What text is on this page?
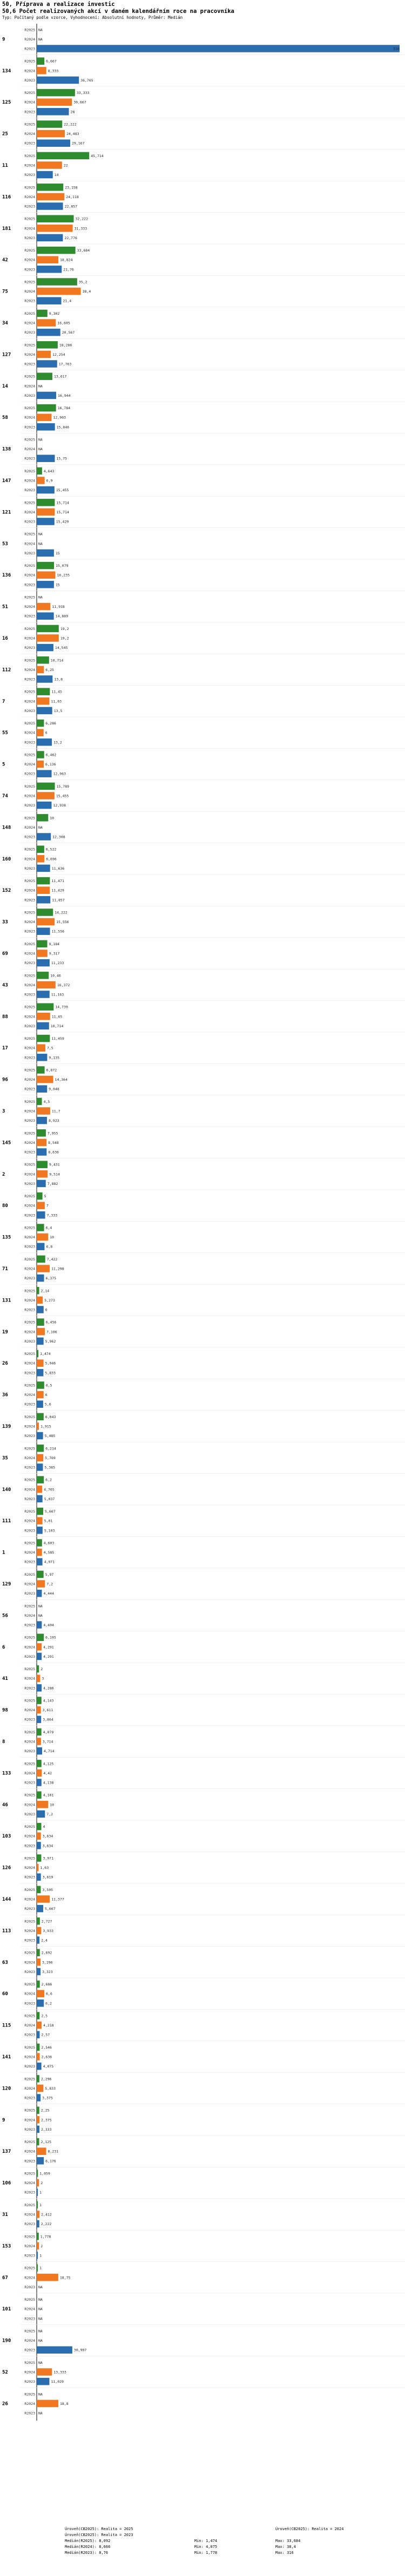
50, Příprava a realizace investic
50,6 Počet realizovaných akcí v daném kalendářním roce na pracovníka
Typ: Počítaný podle vzorce, Vyhodnocení: Absolutní hodnoty, Průměr: Medián
9
R2025 NA
R2024 NA
R2023	316
134
R2025	6,667
R2024	8,333
R2023	36,765
125
R2025	33,333
R2024	30,667
R2023	28
25
R2025	22,222
R2024	24,483
R2023	29,167
11
R2025	45,714
R2024	22
R2023	14
116
R2025	23,158
R2024	24,118
R2023	22,857
181
R2025	32,222
R2024	31,333
R2023	22,776
42
R2025	33,684
R2024	18,824
R2023	21,76
75
R2025	35,2
R2024	38,4
R2023	21,4
34
R2025	9,302
R2024	16,605
R2023	20,567
127
R2025	18,286
R2024	12,254
R2023	17,763
14
R2025	13,617
R2024 NA
R2023	16,944
58
R2025	16,784
R2024	12,903
R2023	15,846
138
R2025 NA
R2024 NA
R2023	15,75
147
R2025 4,643
R2024	6,9
R2023	15,455
121
R2025	15,714
R2024	15,714
R2023	15,429
53
R2025 NA
R2024 NA
R2023	15
136
R2025	15,079
R2024	16,235
R2023	15
51
R2025 NA
R2024	11,918
R2023	14,889
16
R2025	19,2
R2024	19,2
R2023	14,545
112
R2025	10,714
R2024	6,25
R2023	13,8
7
R2025	11,45
R2024	11,03
R2023	13,5
55
R2025	6,286
R2024	6
R2023	13,2
5
R2025	6,462
R2024	6,136
R2023	12,963
74
R2025	15,789
R2024	15,455
R2023	12,938
148
R2025	10
R2024 NA
R2023	12,308
160
R2025	6,522
R2024	6,696
R2023	11,636
152
R2025	11,471
R2024	11,429
R2023	11,857
33
R2025	14,222
R2024	15,556
R2023	11,556
69
R2025	9,184
R2024	9,317
R2023	11,233
43
R2025	10,46
R2024	16,372
R2023	11,163
88
R2025	14,739
R2024	11,65
R2023	10,714
17
R2025	11,459
R2024	7,5
R2023	9,135
96
R2025	6,872
R2024	14,364
R2023	9,048
3
R2025 4,5
R2024	11,7
R2023	8,923
145
R2025	7,955
R2024	8,548
R2023	8,636
2
R2025	9,431
R2024	9,514
R2023	7,882
80
R2025	5
R2024	7
R2023	7,333
135
R2025	6,4
R2024	10
R2023	6,8
71
R2025	7,422
R2024	11,298
R2023	6,375
131
R2025 2,14
R2024	5,273
R2023	6
19
R2025	6,456
R2024	7,106
R2023	5,962
26
R2025 1,474
R2024	5,946
R2023	5,833
36
R2025	6,5
R2024	6
R2023	5,6
139
R2025	6,043
R2024 1,915
R2023	5,485
35
R2025	6,214
R2024	5,769
R2023	5,385
140
R2025	6,2
R2024 4,765
R2023	5,037
111
R2025	5,667
R2024	5,01
R2023	5,103
1
R2025 4,603
R2024 4,585
R2023	4,971
129
R2025	5,97
R2024	7,2
R2023 4,444
56
R2025 NA
R2024 NA
R2023 4,404
6
R2025	6,195
R2024 4,291
R2023 4,291
41
R2025 2
R2024 3
R2023 4,286
98
R2025 4,143
R2024 3,611
R2023 3,864
8
R2025 4,079
R2024 3,714
R2023 4,714
133
R2025 4,125
R2024 4,42
R2023 4,138
46
R2025 4,101
R2024	10
R2023	7,2
103
R2025 4
R2024 3,634
R2023 3,634
126
R2025 3,971
R2024 1,63
R2023 3,619
144
R2025 3,505
R2024	11,377
R2023	5,667
113
R2025 2,727
R2024 3,933
R2023 2,4
63
R2025 2,692
R2024 3,296
R2023 3,323
60
R2025 2,686
R2024	6,6
R2023	6,2
115
R2025 2,5
R2024 4,218
R2023 2,57
141
R2025 2,546
R2024 2,636
R2023 4,075
120
R2025 2,296
R2024	5,833
R2023 3,375
9
R2025 2,25
R2024 2,375
R2023 2,333
137
R2025 2,125
R2024	8,231
R2023	6,176
106
R2025 1,059
R2024 2
R2023 1
31
R2025 1
R2024 2,412
R2023 2,222
153
R2025 1,778
R2024 2
R2023 1
67
R2025 1
R2024	18,75
R2023 NA
101
R2025 NA
R2024 NA
R2023 NA
190
R2025 NA
R2024 NA
R2023	30,997
52
R2025 NA
R2024	13,333
R2023	11,029
26
R2025 NA
R2024	18,8
R2023 NA
Úroveň(CB2025): Realita = 2025	Úroveň(CB2025): Realita = 2024
Úroveň(CB2025): Realita = 2023
Medián(R2025): 8,092	Min: 1,474	Max: 33,684
Medián(R2024): 8,666	Min: 4,075	Max: 38,4
Medián(R2023): 8,76	Min: 1,778	Max: 316
